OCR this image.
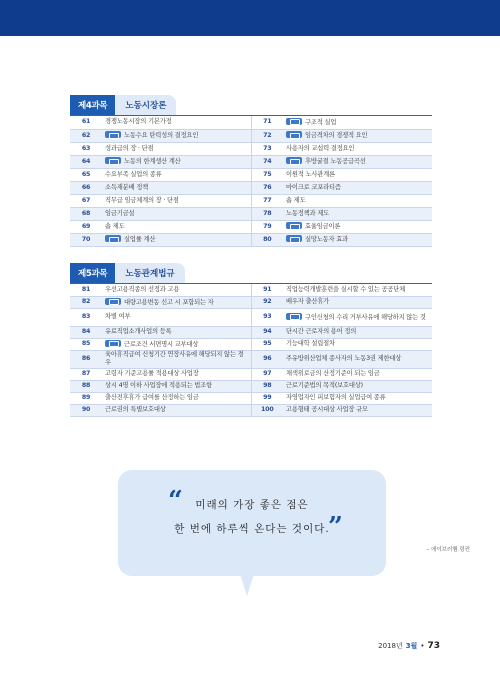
제4과목	노동시장론
61	경쟁노동시장의 기본가정	71	구조적 실업
62	노동수요 탄력성의 결정요인	72	임금격차의 경쟁적 요인
63	성과급의 장 · 단점	73	사용자의 교섭력 결정요인
64	노동의 한계생산 계산	74	후방굴절 노동공급곡선
65	수요부족 실업의 종류	75	이원적 노사관계론
66	소득재분배 정책	76	마이크로 코포라티즘
67	직무급 임금체계의 장 · 단점	77	숍 제도
68	임금기금설	78	노동정책과 제도
69	숍 제도	79	효율임금이론
70	실업률 계산	80	실망노동자 효과
제5과목	노동관계법규
81	우선고용직종의 선정과 고용	91	직업능력개발훈련을 실시할 수 있는 공공단체
82	대량고용변동 신고 시 포함되는 자	92	배우자 출산휴가
83	차별 여부	93	구인신청의 수리 거부사유에 해당하지 않는 것
84	유료직업소개사업의 등록	94	단시간 근로자의 용어 정의
85	근로조건 서면명시 교부대상	95	기능대학 설립절차
86	육아휴직급여 신청기간 연장사유에 해당되지 않는 경우	96	주유방위산업체 종사자의 노동3권 제한대상
87	고령자 기준고용률 적용대상 사업장	97	채색위로금의 산정기준이 되는 임금
88	상시 4명 이하 사업장에 적용되는 법조항	98	근로기준법의 목적(보호대상)
89	출산전후휴가 급여를 산정하는 임금	99	자영업자인 피보험자의 실업급여 종류
90	근로권의 특별보호대상	100	고용형태 공시대상 사업장 규모
“	미래의 가장 좋은 점은
한 번에 하루씩 온다는 것이다.
”
– 에이브러햄 링컨
2018년 3월 • 73
